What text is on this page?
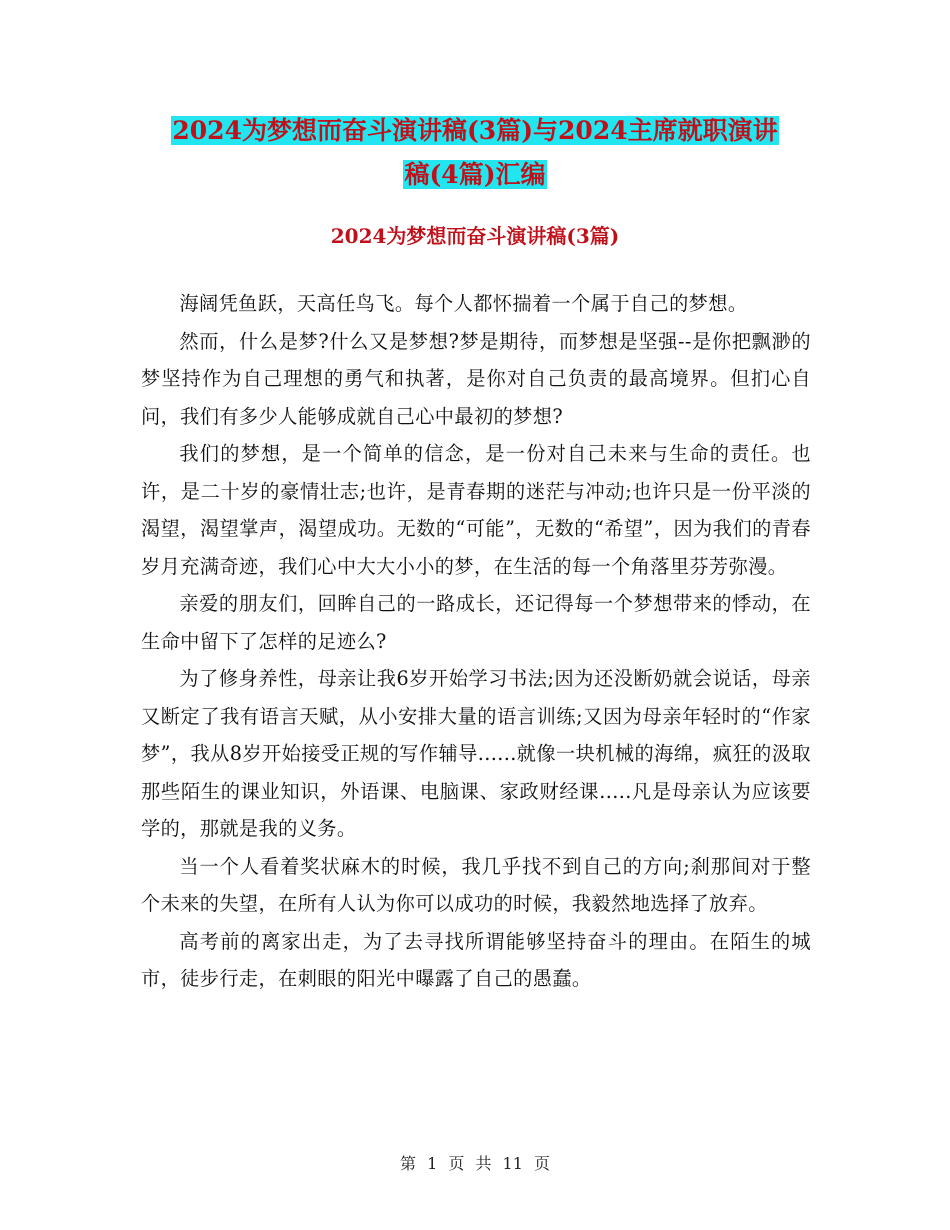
2024为梦想而奋斗演讲稿(3篇)与2024主席就职演讲
稿(4篇)汇编
2024为梦想而奋斗演讲稿(3篇)

海阔凭鱼跃，天高任鸟飞。每个人都怀揣着一个属于自己的梦想。

然而，什么是梦?什么又是梦想?梦是期待，而梦想是坚强--是你把飘渺的梦坚持作为自己理想的勇气和执著，是你对自己负责的最高境界。但扪心自问，我们有多少人能够成就自己心中最初的梦想?

我们的梦想，是一个简单的信念，是一份对自己未来与生命的责任。也许，是二十岁的豪情壮志;也许，是青春期的迷茫与冲动;也许只是一份平淡的渴望，渴望掌声，渴望成功。无数的“可能”，无数的“希望”，因为我们的青春岁月充满奇迹，我们心中大大小小的梦，在生活的每一个角落里芬芳弥漫。

亲爱的朋友们，回眸自己的一路成长，还记得每一个梦想带来的悸动，在生命中留下了怎样的足迹么?

为了修身养性，母亲让我6岁开始学习书法;因为还没断奶就会说话，母亲又断定了我有语言天赋，从小安排大量的语言训练;又因为母亲年轻时的“作家梦”，我从8岁开始接受正规的写作辅导......就像一块机械的海绵，疯狂的汲取那些陌生的课业知识，外语课、电脑课、家政财经课.....凡是母亲认为应该要学的，那就是我的义务。

当一个人看着奖状麻木的时候，我几乎找不到自己的方向;刹那间对于整个未来的失望，在所有人认为你可以成功的时候，我毅然地选择了放弃。

高考前的离家出走，为了去寻找所谓能够坚持奋斗的理由。在陌生的城市，徒步行走，在刺眼的阳光中曝露了自己的愚蠢。

第 1 页 共 11 页
